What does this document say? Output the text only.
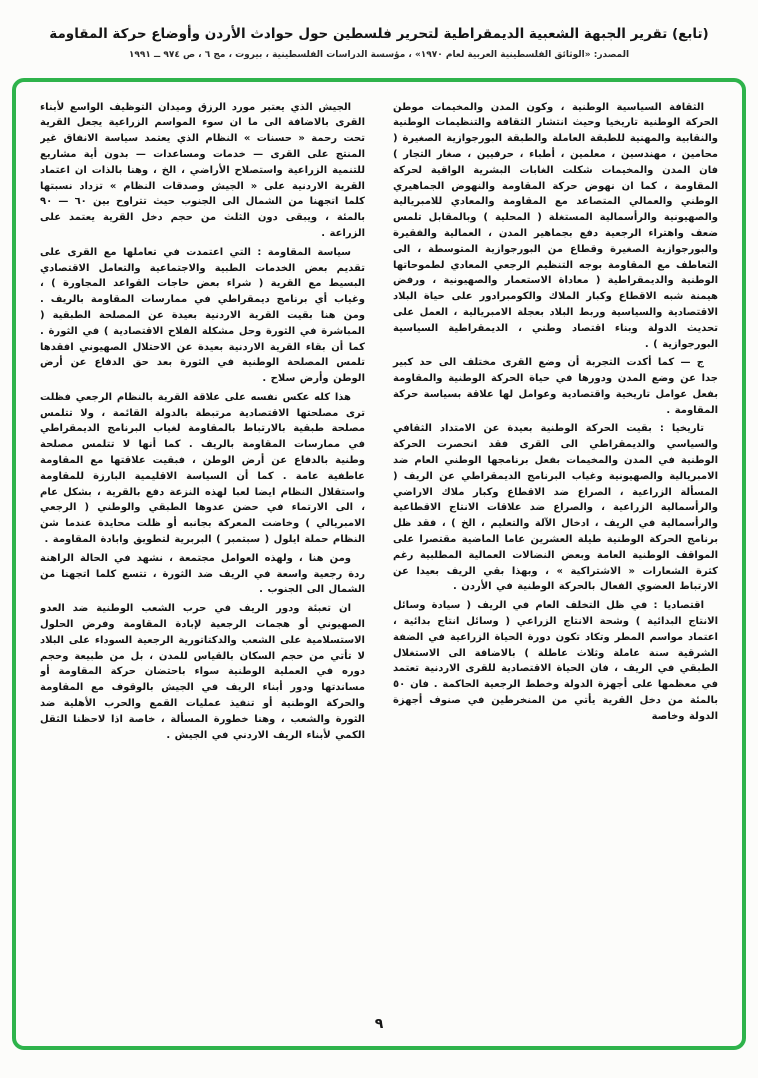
(تابع) تقرير الجبهة الشعبية الديمقراطية لتحرير فلسطين حول حوادث الأردن وأوضاع حركة المقاومة
المصدر: «الوثائق الفلسطينية العربية لعام ١٩٧٠» ، مؤسسة الدراسات الفلسطينية ، بيروت ، مج ٦ ، ص ٩٧٤ ــ ١٩٩١

الثقافة السياسية الوطنية ، وكون المدن والمخيمات موطن الحركة الوطنية تاريخيا وحيث انتشار الثقافة والتنظيمات الوطنية والنقابية والمهنية للطبقة العاملة والطبقة البورجوازية الصغيرة ( محامين ، مهندسين ، معلمين ، أطباء ، حرفيين ، صغار التجار ) فان المدن والمخيمات شكلت الغابات البشرية الواقية لحركة المقاومة ، كما ان نهوض حركة المقاومة والنهوض الجماهيري الوطني والعمالي المتصاعد مع المقاومة والمعادي للامبريالية والصهيونية والرأسمالية المستغلة ( المحلية ) وبالمقابل تلمس ضعف واهتراء الرجعية دفع بجماهير المدن ، العمالية والفقيرة والبورجوازية الصغيرة وقطاع من البورجوازية المتوسطة ، الى التعاطف مع المقاومة بوجه التنظيم الرجعي المعادي لطموحاتها الوطنية والديمقراطية ( معاداة الاستعمار والصهيونية ، ورفض هيمنة شبه الاقطاع وكبار الملاك والكومبرادور على حياة البلاد الاقتصادية والسياسية وربط البلاد بعجلة الامبريالية ، العمل على تحديث الدولة وبناء اقتصاد وطني ، الديمقراطية السياسية البورجوازية ) .

ج — كما أكدت التجربة أن وضع القرى مختلف الى حد كبير جدا عن وضع المدن ودورها في حياة الحركة الوطنية والمقاومة بفعل عوامل تاريخية واقتصادية وعوامل لها علاقة بسياسة حركة المقاومة .

تاريخيا : بقيت الحركة الوطنية بعيدة عن الامتداد الثقافي والسياسي والديمقراطي الى القرى فقد انحصرت الحركة الوطنية في المدن والمخيمات بفعل برنامجها الوطني العام ضد الامبريالية والصهيونية وغياب البرنامج الديمقراطي عن الريف ( المسألة الزراعية ، الصراع ضد الاقطاع وكبار ملاك الاراضي والرأسمالية الزراعية ، والصراع ضد علاقات الانتاج الاقطاعية والرأسمالية في الريف ، ادخال الآلة والتعليم ، الخ ) ، فقد ظل برنامج الحركة الوطنية طيلة العشرين عاما الماضية مقتصرا على المواقف الوطنية العامة وبعض النضالات العمالية المطلبية رغم كثرة الشعارات « الاشتراكية » ، وبهذا بقي الريف بعيدا عن الارتباط العضوي الفعال بالحركة الوطنية في الأردن .

اقتصاديا : في ظل التخلف العام في الريف ( سيادة وسائل الانتاج البدائية ) وشحة الانتاج الزراعي ( وسائل انتاج بدائية ، اعتماد مواسم المطر وتكاد تكون دورة الحياة الزراعية في الضفة الشرقية سنة عاملة وثلاث عاطلة ) بالاضافة الى الاستغلال الطبقي في الريف ، فان الحياة الاقتصادية للقرى الاردنية تعتمد في معظمها على أجهزة الدولة وخطط الرجعية الحاكمة . فان ٥٠ بالمئة من دخل القرية يأتي من المنخرطين في صنوف أجهزة الدولة وخاصة

الجيش الذي يعتبر مورد الرزق وميدان التوظيف الواسع لأبناء القرى بالاضافة الى ما ان سوء المواسم الزراعية يجعل القرية تحت رحمة « حسنات » النظام الذي يعتمد سياسة الانفاق غير المنتج على القرى — خدمات ومساعدات — بدون أية مشاريع للتنمية الزراعية واستصلاح الأراضي ، الخ ، وهنا بالذات ان اعتماد القرية الاردنية على « الجيش وصدقات النظام » تزداد نسبتها كلما اتجهنا من الشمال الى الجنوب حيث تتراوح بين ٦٠ — ٩٠ بالمئة ، ويبقى دون الثلث من حجم دخل القرية يعتمد على الزراعة .

سياسة المقاومة : التي اعتمدت في تعاملها مع القرى على تقديم بعض الخدمات الطبية والاجتماعية والتعامل الاقتصادي البسيط مع القرية ( شراء بعض حاجات القواعد المجاورة ) ، وغياب أي برنامج ديمقراطي في ممارسات المقاومة بالريف . ومن هنا بقيت القرية الاردنية بعيدة عن المصلحة الطبقية ( المباشرة في الثورة وحل مشكلة الفلاح الاقتصادية ) في الثورة . كما أن بقاء القرية الاردنية بعيدة عن الاحتلال الصهيوني افقدها تلمس المصلحة الوطنية في الثورة بعد حق الدفاع عن أرض الوطن وأرض سلاح .

هذا كله عكس نفسه على علاقة القرية بالنظام الرجعي فظلت ترى مصلحتها الاقتصادية مرتبطة بالدولة القائمة ، ولا تتلمس مصلحة طبقية بالارتباط بالمقاومة لغياب البرنامج الديمقراطي في ممارسات المقاومة بالريف . كما أنها لا تتلمس مصلحة وطنية بالدفاع عن أرض الوطن ، فبقيت علاقتها مع المقاومة عاطفية عامة . كما أن السياسة الاقليمية البارزة للمقاومة واستقلال النظام ايضا لعبا لهذه النزعة دفع بالقرية ، بشكل عام ، الى الارتماء في حضن عدوها الطبقي والوطني ( الرجعي الامبريالي ) وخاضت المعركة بجانبه أو ظلت محايدة عندما شن النظام حملة ايلول ( سبتمبر ) البربرية لتطويق وابادة المقاومة .

ومن هنا ، ولهذه العوامل مجتمعة ، نشهد في الحالة الراهنة ردة رجعية واسعة في الريف ضد الثورة ، تتسع كلما اتجهنا من الشمال الى الجنوب .

ان تعبئة ودور الريف في حرب الشعب الوطنية ضد العدو الصهيوني أو هجمات الرجعية لإبادة المقاومة وفرض الحلول الاستسلامية على الشعب والدكتاتورية الرجعية السوداء على البلاد لا تأتي من حجم السكان بالقياس للمدن ، بل من طبيعة وحجم دوره في العملية الوطنية سواء باحتضان حركة المقاومة أو مساندتها ودور أبناء الريف في الجيش بالوقوف مع المقاومة والحركة الوطنية أو تنفيذ عمليات القمع والحرب الأهلية ضد الثورة والشعب ، وهنا خطورة المسألة ، خاصة اذا لاحظنا الثقل الكمي لأبناء الريف الاردني في الجيش .

٩
